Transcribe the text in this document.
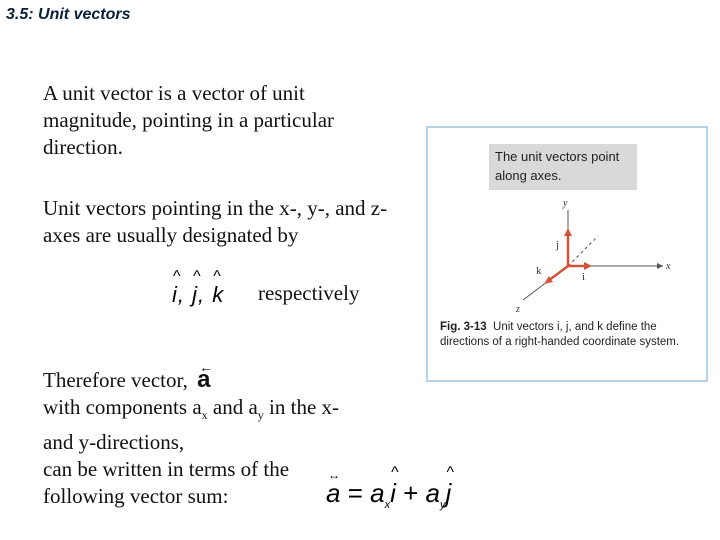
3.5: Unit vectors
A unit vector is a vector of unit magnitude, pointing in a particular direction.
Unit vectors pointing in the x-, y-, and z-axes are usually designated by
i ^, j ^, k ^ respectively
Therefore vector, ← a
with components $a_x$ and $a_y$ in the x-
and y-directions,
can be written in terms of the
following vector sum:
↔
$a = a_xi$ ^ + $a_yj$ ^
The unit vectors point along axes.
y
x
z
j
i
k
Fig. 3-13 Unit vectors i, j, and k define the directions of a right-handed coordinate system.
